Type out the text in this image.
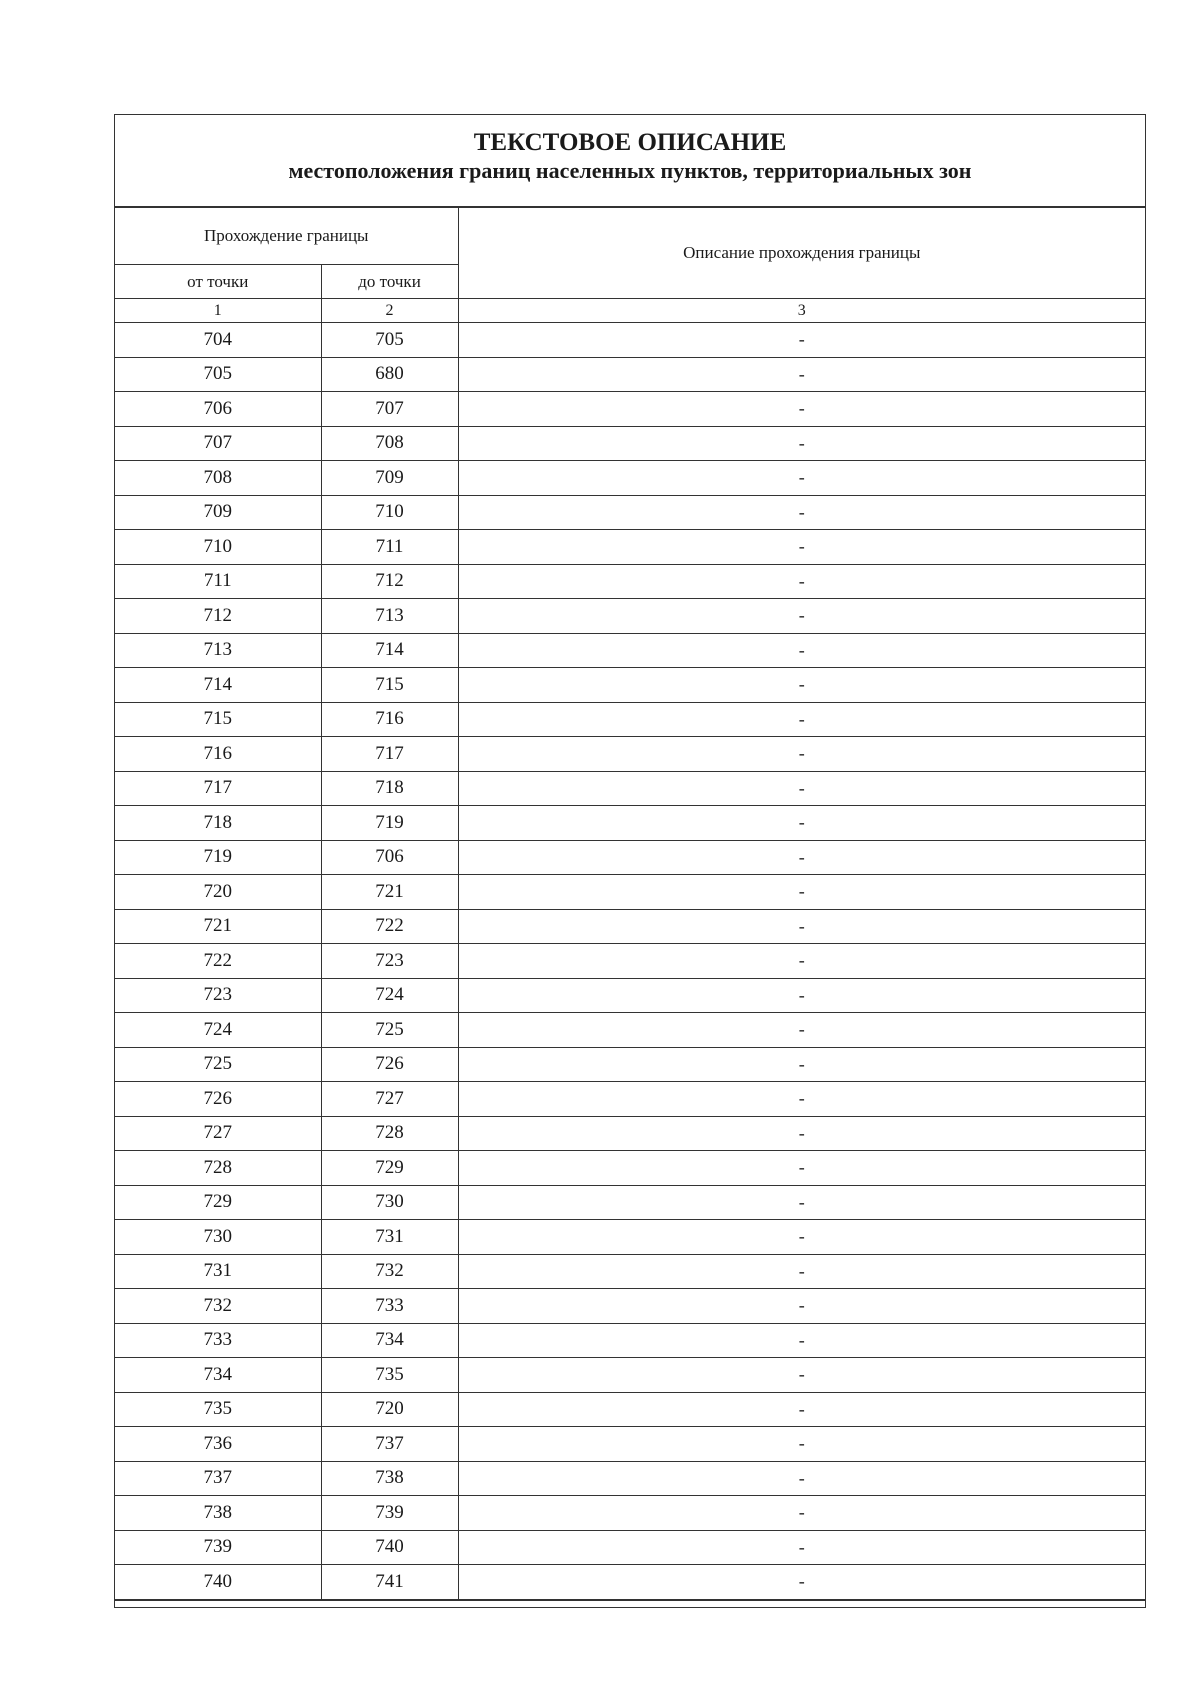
ТЕКСТОВОЕ ОПИСАНИЕ
местоположения границ населенных пунктов, территориальных зон
Прохождение границы		Описание прохождения границы
от точки	до точки	
1	2	3
704	705	-
705	680	-
706	707	-
707	708	-
708	709	-
709	710	-
710	711	-
711	712	-
712	713	-
713	714	-
714	715	-
715	716	-
716	717	-
717	718	-
718	719	-
719	706	-
720	721	-
721	722	-
722	723	-
723	724	-
724	725	-
725	726	-
726	727	-
727	728	-
728	729	-
729	730	-
730	731	-
731	732	-
732	733	-
733	734	-
734	735	-
735	720	-
736	737	-
737	738	-
738	739	-
739	740	-
740	741	-
